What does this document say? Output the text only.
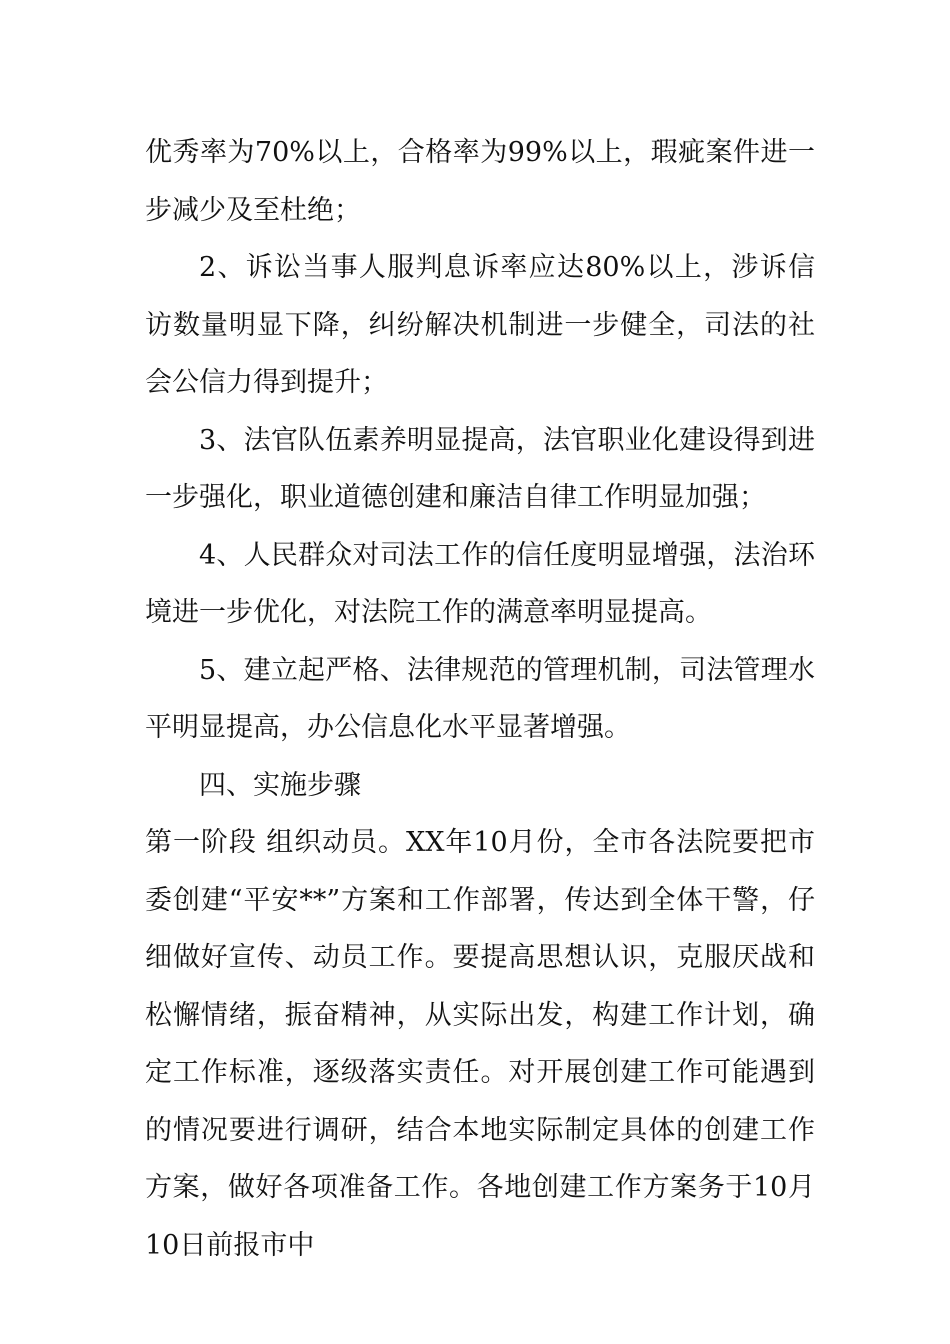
优秀率为70%以上，合格率为99%以上，瑕疵案件进一步减少及至杜绝；

2、诉讼当事人服判息诉率应达80%以上，涉诉信访数量明显下降，纠纷解决机制进一步健全，司法的社会公信力得到提升；

3、法官队伍素养明显提高，法官职业化建设得到进一步强化，职业道德创建和廉洁自律工作明显加强；

4、人民群众对司法工作的信任度明显增强，法治环境进一步优化，对法院工作的满意率明显提高。

5、建立起严格、法律规范的管理机制，司法管理水平明显提高，办公信息化水平显著增强。

四、实施步骤

第一阶段 组织动员。XX年10月份，全市各法院要把市委创建“平安**”方案和工作部署，传达到全体干警，仔细做好宣传、动员工作。要提高思想认识，克服厌战和松懈情绪，振奋精神，从实际出发，构建工作计划，确定工作标准，逐级落实责任。对开展创建工作可能遇到的情况要进行调研，结合本地实际制定具体的创建工作方案，做好各项准备工作。各地创建工作方案务于10月10日前报市中
